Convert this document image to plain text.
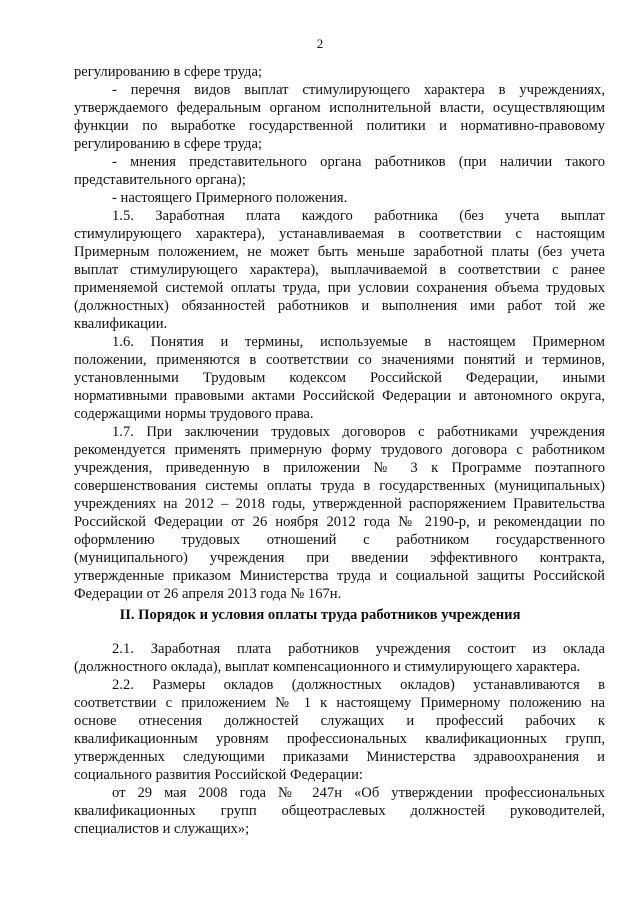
2
регулированию в сфере труда;
- перечня видов выплат стимулирующего характера в учреждениях,
утверждаемого федеральным органом исполнительной власти, осуществляющим
функции по выработке государственной политики и нормативно-правовому
регулированию в сфере труда;
- мнения представительного органа работников (при наличии такого
представительного органа);
- настоящего Примерного положения.
1.5. Заработная плата каждого работника (без учета выплат
стимулирующего характера), устанавливаемая в соответствии с настоящим
Примерным положением, не может быть меньше заработной платы (без учета
выплат стимулирующего характера), выплачиваемой в соответствии с ранее
применяемой системой оплаты труда, при условии сохранения объема трудовых
(должностных) обязанностей работников и выполнения ими работ той же
квалификации.
1.6. Понятия и термины, используемые в настоящем Примерном
положении, применяются в соответствии со значениями понятий и терминов,
установленными Трудовым кодексом Российской Федерации, иными
нормативными правовыми актами Российской Федерации и автономного округа,
содержащими нормы трудового права.
1.7. При заключении трудовых договоров с работниками учреждения
рекомендуется применять примерную форму трудового договора с работником
учреждения, приведенную в приложении № 3 к Программе поэтапного
совершенствования системы оплаты труда в государственных (муниципальных)
учреждениях на 2012 – 2018 годы, утвержденной распоряжением Правительства
Российской Федерации от 26 ноября 2012 года № 2190-р, и рекомендации по
оформлению трудовых отношений с работником государственного
(муниципального) учреждения при введении эффективного контракта,
утвержденные приказом Министерства труда и социальной защиты Российской
Федерации от 26 апреля 2013 года № 167н.
II. Порядок и условия оплаты труда работников учреждения
2.1. Заработная плата работников учреждения состоит из оклада
(должностного оклада), выплат компенсационного и стимулирующего характера.
2.2. Размеры окладов (должностных окладов) устанавливаются в
соответствии с приложением № 1 к настоящему Примерному положению на
основе отнесения должностей служащих и профессий рабочих к
квалификационным уровням профессиональных квалификационных групп,
утвержденных следующими приказами Министерства здравоохранения и
социального развития Российской Федерации:
от 29 мая 2008 года № 247н «Об утверждении профессиональных
квалификационных групп общеотраслевых должностей руководителей,
специалистов и служащих»;
